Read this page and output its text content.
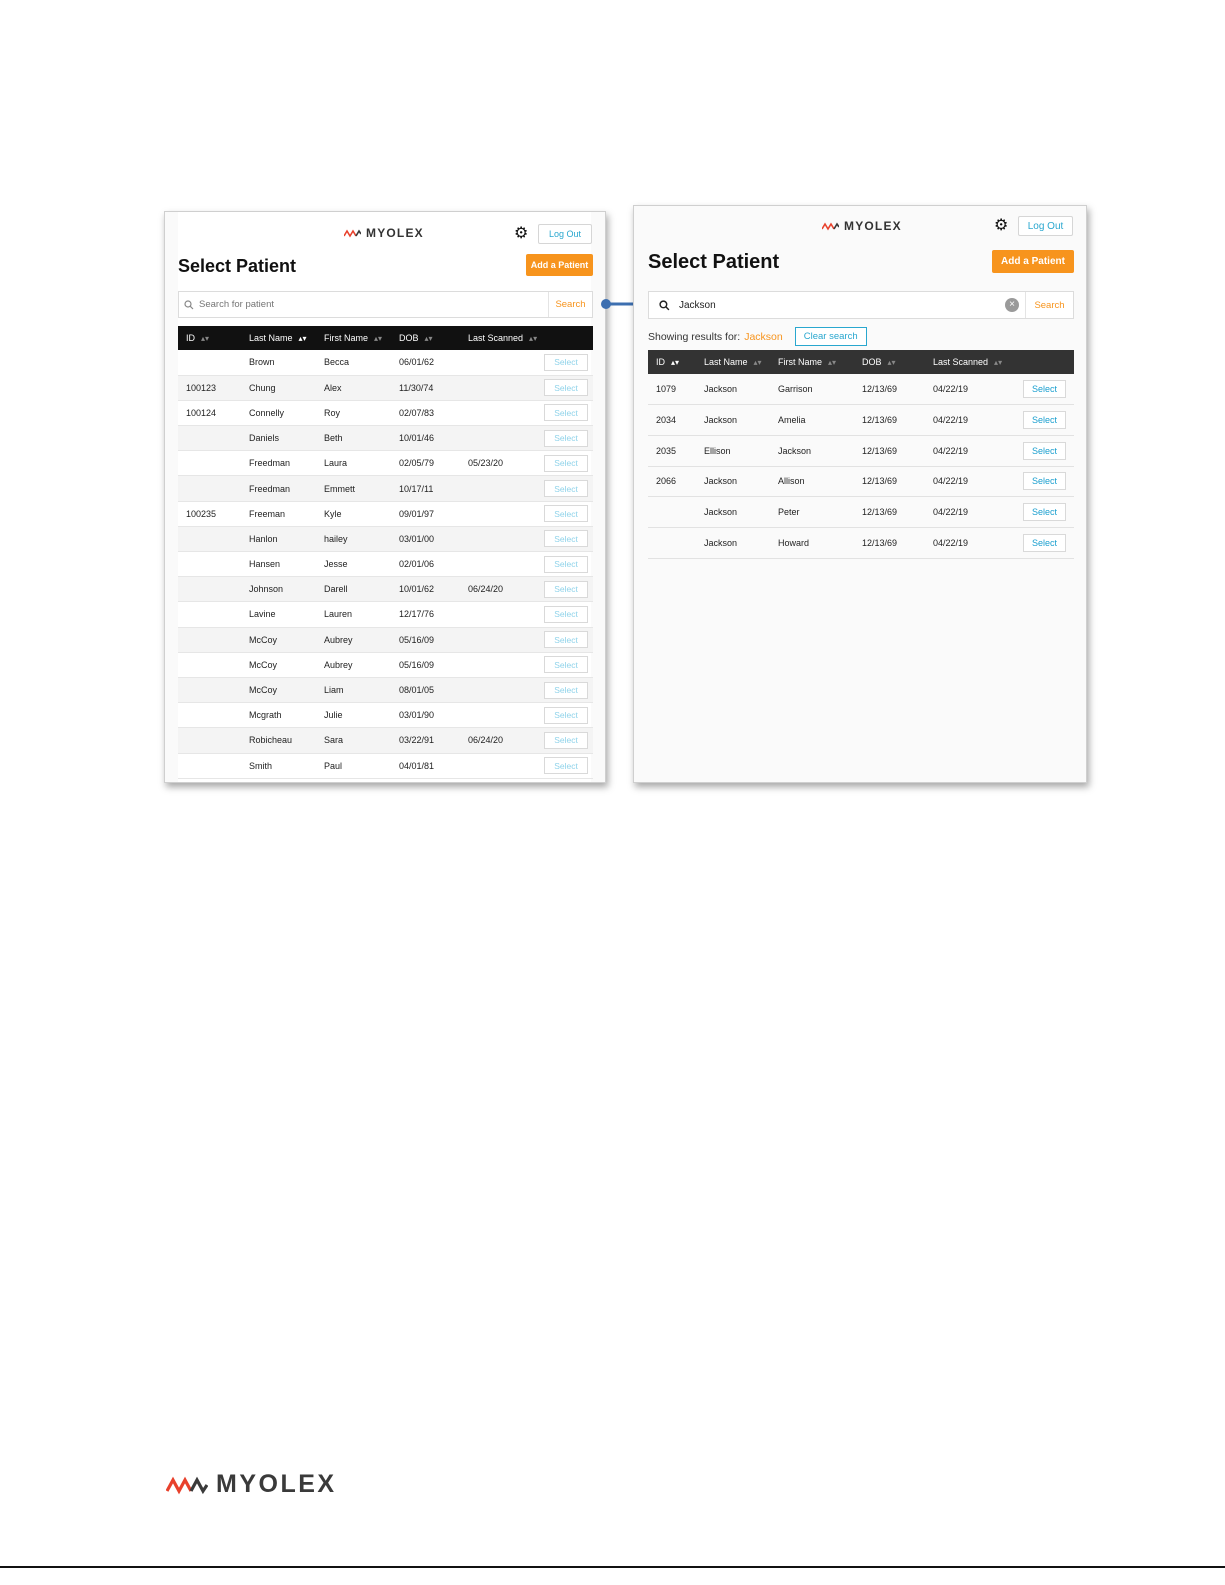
MYOLEX	⚙	Log Out
Select Patient	Add a Patient
Search for patient
Search
ID ▴▾	Last Name ▴▾	First Name ▴▾	DOB ▴▾	Last Scanned ▴▾	
	Brown	Becca	06/01/62		Select

100123	Chung	Alex	11/30/74		Select

100124	Connelly	Roy	02/07/83		Select

	Daniels	Beth	10/01/46		Select

	Freedman	Laura	02/05/79	05/23/20	Select

	Freedman	Emmett	10/17/11		Select

100235	Freeman	Kyle	09/01/97		Select

	Hanlon	hailey	03/01/00		Select

	Hansen	Jesse	02/01/06		Select

	Johnson	Darell	10/01/62	06/24/20	Select

	Lavine	Lauren	12/17/76		Select

	McCoy	Aubrey	05/16/09		Select

	McCoy	Aubrey	05/16/09		Select

	McCoy	Liam	08/01/05		Select

	Mcgrath	Julie	03/01/90		Select

	Robicheau	Sara	03/22/91	06/24/20	Select

	Smith	Paul	04/01/81		Select
MYOLEX	⚙	Log Out
Select Patient	Add a Patient
Jackson
×	Search
Showing results for: Jackson	Clear search
ID ▴▾	Last Name ▴▾	First Name ▴▾	DOB ▴▾	Last Scanned ▴▾	
1079	Jackson	Garrison	12/13/69	04/22/19	Select

2034	Jackson	Amelia	12/13/69	04/22/19	Select

2035	Ellison	Jackson	12/13/69	04/22/19	Select

2066	Jackson	Allison	12/13/69	04/22/19	Select

	Jackson	Peter	12/13/69	04/22/19	Select

	Jackson	Howard	12/13/69	04/22/19	Select
MYOLEX
